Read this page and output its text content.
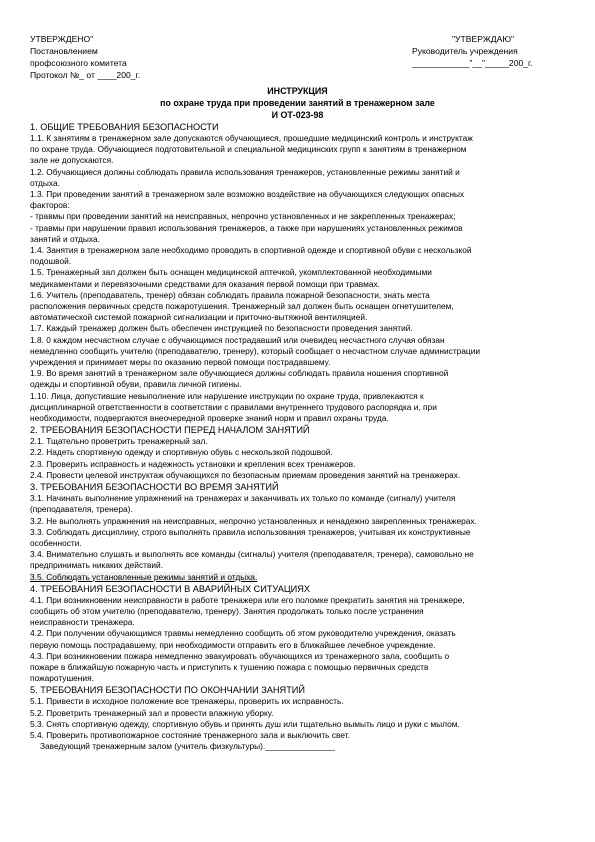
УТВЕРЖДЕНО"
Постановлением
профсоюзного комитета
Протокол №_ от ____200_г.
"УТВЕРЖДАЮ"
Руководитель учреждения
____________"__"_____200_г.
ИНСТРУКЦИЯ
по охране труда при проведении занятий в тренажерном зале
И ОТ-023-98
1. ОБЩИЕ ТРЕБОВАНИЯ БЕЗОПАСНОСТИ
1.1. К занятиям в тренажерном зале допускаются обучающиеся, прошедшие медицинский контроль и инструктаж
по охране труда. Обучающиеся подготовительной и специальной медицинских групп к занятиям в тренажерном
зале не допускаются.
1.2. Обучающиеся должны соблюдать правила использования тренажеров, установленные режимы занятий и
отдыха.
1.3. При проведении занятий в тренажерном зале возможно воздействие на обучающихся следующих опасных
факторов:
- травмы при проведении занятий на неисправных, непрочно установленных и не закрепленных тренажерах;
- травмы при нарушении правил использования тренажеров, а также при нарушениях установленных режимов
занятий и отдыха.
1.4. Занятия в тренажерном зале необходимо проводить в спортивной одежде и спортивной обуви с нескользкой
подошвой.
1.5. Тренажерный зал должен быть оснащен медицинской аптечкой, укомплектованной необходимыми
медикаментами и перевязочными средствами для оказания первой помощи при травмах.
1.6. Учитель (преподаватель, тренер) обязан соблюдать правила пожарной безопасности, знать места
расположения первичных средств пожаротушения. Тренажерный зал должен быть оснащен огнетушителем,
автоматической системой пожарной сигнализации и приточно-вытяжной вентиляцией.
1.7. Каждый тренажер должен быть обеспечен инструкцией по безопасности проведения занятий.
1.8. 0 каждом несчастном случае с обучающимся пострадавший или очевидец несчастного случая обязан
немедленно сообщить учителю (преподавателю, тренеру), который сообщает о несчастном случае администрации
учреждения и принимает меры по оказанию первой помощи пострадавшему.
1.9. Во время занятий в тренажерном зале обучающиеся должны соблюдать правила ношения спортивной
одежды и спортивной обуви, правила личной гигиены.
1.10. Лица, допустившие невыполнение или нарушение инструкции по охране труда, привлекаются к
дисциплинарной ответственности в соответствии с правилами внутреннего трудового распорядка и, при
необходимости, подвергаются внеочередной проверке знаний норм и правил охраны труда.
2. ТРЕБОВАНИЯ БЕЗОПАСНОСТИ ПЕРЕД НАЧАЛОМ ЗАНЯТИЙ
2.1. Тщательно проветрить тренажерный зал.
2.2. Надеть спортивную одежду и спортивную обувь с нескользкой подошвой.
2.3. Проверить исправность и надежность установки и крепления всех тренажеров.
2.4. Провести целевой инструктаж обучающихся по безопасным приемам проведения занятий на тренажерах.
3. ТРЕБОВАНИЯ БЕЗОПАСНОСТИ ВО ВРЕМЯ ЗАНЯТИЙ
3.1. Начинать выполнение упражнений на тренажерах и заканчивать их только по команде (сигналу) учителя
(преподавателя, тренера).
3.2. Не выполнять упражнения на неисправных, непрочно установленных и ненадежно закрепленных тренажерах.
3.3. Соблюдать дисциплину, строго выполнять правила использования тренажеров, учитывая их конструктивные
особенности.
3.4. Внимательно слушать и выполнять все команды (сигналы) учителя (преподавателя, тренера), самовольно не
предпринимать никаких действий.
3.5. Соблюдать установленные режимы занятий и отдыха.
4. ТРЕБОВАНИЯ БЕЗОПАСНОСТИ В АВАРИЙНЫХ СИТУАЦИЯХ
4.1. При возникновении неисправности в работе тренажера или его поломке прекратить занятия на тренажере,
сообщить об этом учителю (преподавателю, тренеру). Занятия продолжать только после устранения
неисправности тренажера.
4.2. При получении обучающимся травмы немедленно сообщить об этом руководителю учреждения, оказать
первую помощь пострадавшему, при необходимости отправить его в ближайшее лечебное учреждение.
4.3. При возникновении пожара немедленно эвакуировать обучающихся из тренажерного зала, сообщить о
пожаре в ближайшую пожарную часть и приступить к тушению пожара с помощью первичных средств
пожаротушения.
5. ТРЕБОВАНИЯ БЕЗОПАСНОСТИ ПО ОКОНЧАНИИ ЗАНЯТИЙ
5.1. Привести в исходное положение все тренажеры, проверить их исправность.
5.2. Проветрить тренажерный зал и провести влажную уборку.
5.3. Снять спортивную одежду, спортивную обувь и принять душ или тщательно вымыть лицо и руки с мылом.
5.4. Проверить противопожарное состояние тренажерного зала и выключить свет.
Заведующий тренажерным залом (учитель физкультуры)._______________
